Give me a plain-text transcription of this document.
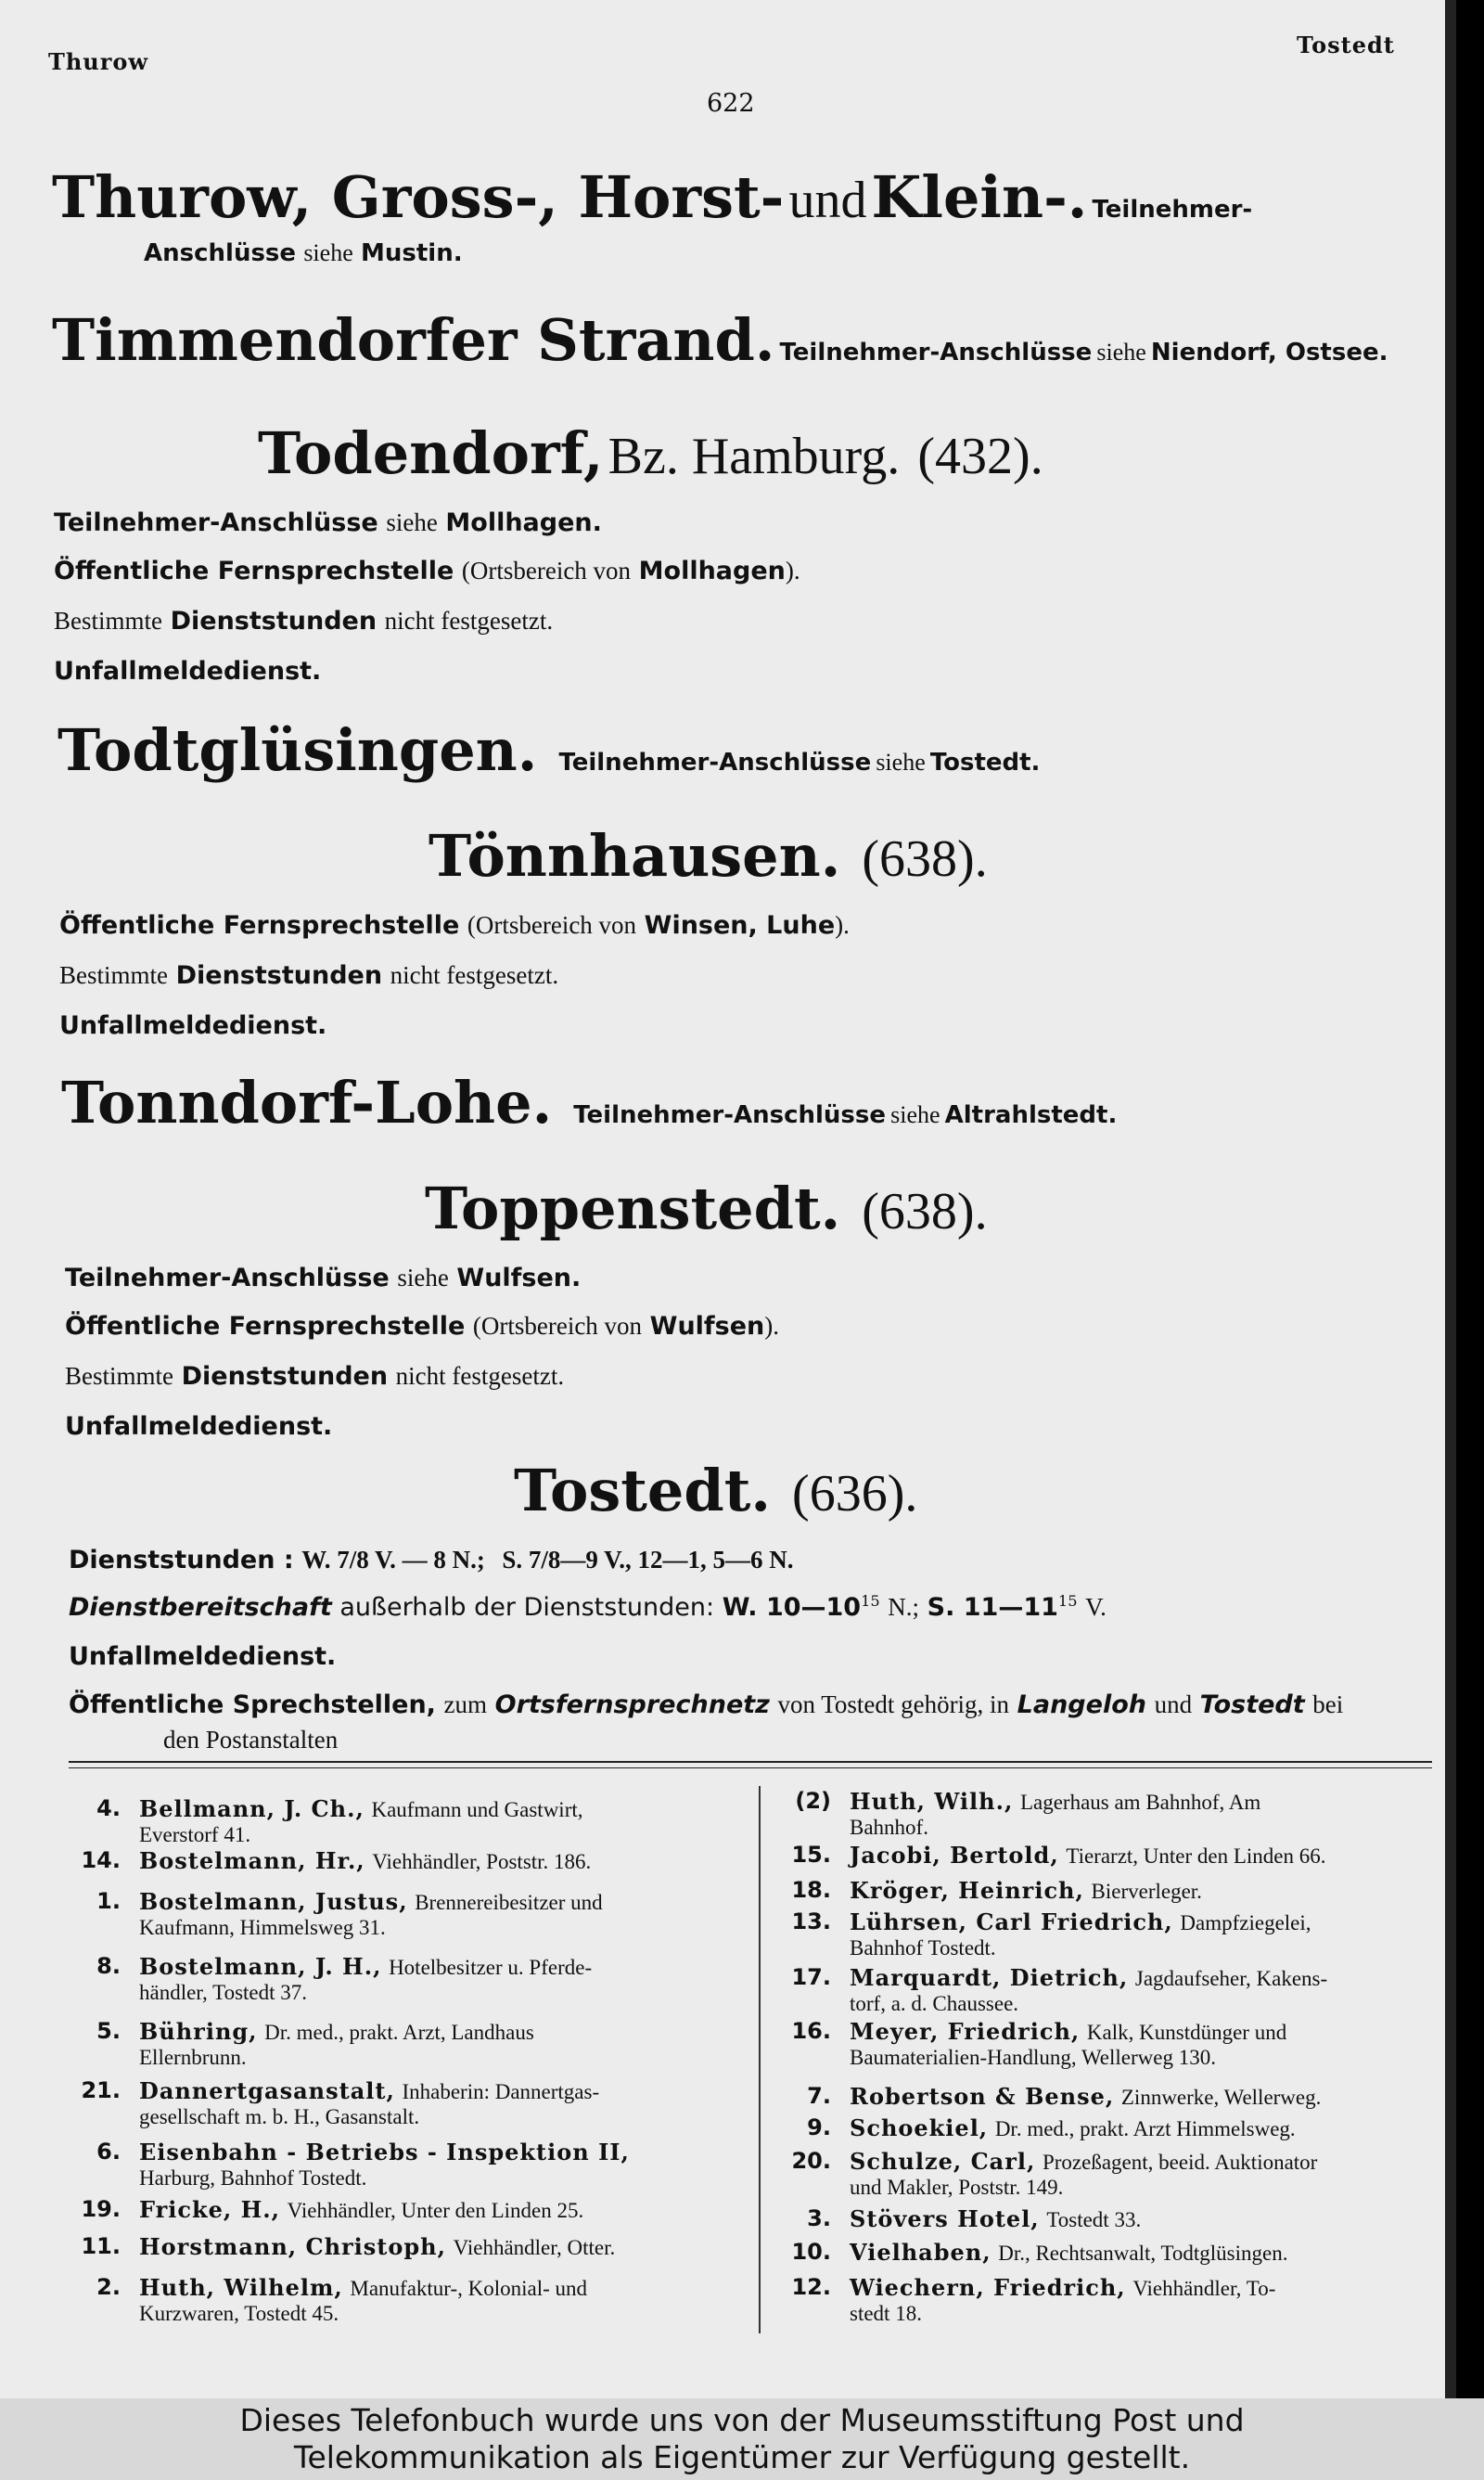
Thurow
Tostedt
622
Thurow, Gross-, Horst- und Klein-. Teilnehmer-
Anschlüsse siehe Mustin.
Timmendorfer Strand. Teilnehmer-Anschlüsse siehe Niendorf, Ostsee.
Todendorf, Bz. Hamburg. (432).
Teilnehmer-Anschlüsse siehe Mollhagen.
Öffentliche Fernsprechstelle (Ortsbereich von Mollhagen).
Bestimmte Dienststunden nicht festgesetzt.
Unfallmeldedienst.
Todtglüsingen. Teilnehmer-Anschlüsse siehe Tostedt.
Tönnhausen. (638).
Öffentliche Fernsprechstelle (Ortsbereich von Winsen, Luhe).
Bestimmte Dienststunden nicht festgesetzt.
Unfallmeldedienst.
Tonndorf-Lohe. Teilnehmer-Anschlüsse siehe Altrahlstedt.
Toppenstedt. (638).
Teilnehmer-Anschlüsse siehe Wulfsen.
Öffentliche Fernsprechstelle (Ortsbereich von Wulfsen).
Bestimmte Dienststunden nicht festgesetzt.
Unfallmeldedienst.
Tostedt. (636).
Dienststunden : W. 7/8 V. — 8 N.; S. 7/8—9 V., 12—1, 5—6 N.
Dienstbereitschaft außerhalb der Dienststunden: W. $10—10^{15}$ N.; S. $11—11^{15}$ V.
Unfallmeldedienst.
Öffentliche Sprechstellen, zum Ortsfernsprechnetz von Tostedt gehörig, in Langeloh und Tostedt bei
den Postanstalten
4. Bellmann, J. Ch., Kaufmann und Gastwirt,
Everstorf 41.
14. Bostelmann, Hr., Viehhändler, Poststr. 186.
1. Bostelmann, Justus, Brennereibesitzer und
Kaufmann, Himmelsweg 31.
8. Bostelmann, J. H., Hotelbesitzer u. Pferde-
händler, Tostedt 37.
5. Bühring, Dr. med., prakt. Arzt, Landhaus
Ellernbrunn.
21. Dannertgasanstalt, Inhaberin: Dannertgas-
gesellschaft m. b. H., Gasanstalt.
6. Eisenbahn - Betriebs - Inspektion II,
Harburg, Bahnhof Tostedt.
19. Fricke, H., Viehhändler, Unter den Linden 25.
11. Horstmann, Christoph, Viehhändler, Otter.
2. Huth, Wilhelm, Manufaktur-, Kolonial- und
Kurzwaren, Tostedt 45.
(2) Huth, Wilh., Lagerhaus am Bahnhof, Am
Bahnhof.
15. Jacobi, Bertold, Tierarzt, Unter den Linden 66.
18. Kröger, Heinrich, Bierverleger.
13. Lührsen, Carl Friedrich, Dampfziegelei,
Bahnhof Tostedt.
17. Marquardt, Dietrich, Jagdaufseher, Kakens-
torf, a. d. Chaussee.
16. Meyer, Friedrich, Kalk, Kunstdünger und
Baumaterialien-Handlung, Wellerweg 130.
7. Robertson & Bense, Zinnwerke, Wellerweg.
9. Schoekiel, Dr. med., prakt. Arzt Himmelsweg.
20. Schulze, Carl, Prozeßagent, beeid. Auktionator
und Makler, Poststr. 149.
3. Stövers Hotel, Tostedt 33.
10. Vielhaben, Dr., Rechtsanwalt, Todtglüsingen.
12. Wiechern, Friedrich, Viehhändler, To-
stedt 18.
Dieses Telefonbuch wurde uns von der Museumsstiftung Post und
Telekommunikation als Eigentümer zur Verfügung gestellt.
